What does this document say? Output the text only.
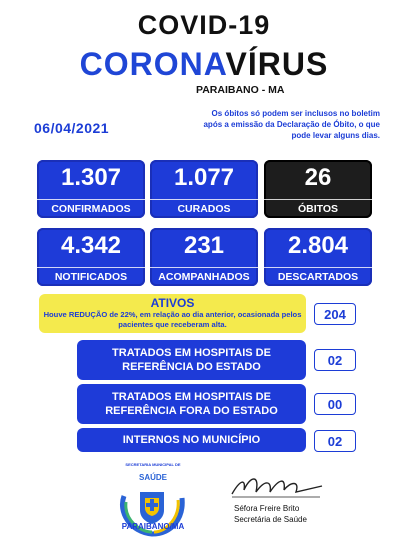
COVID-19
CORONAVÍRUS
PARAIBANO - MA
06/04/2021
Os óbitos só podem ser inclusos no boletim após a emissão da Declaração de Óbito, o que pode levar alguns dias.
1.307
CONFIRMADOS
1.077
CURADOS
26
ÓBITOS
4.342
NOTIFICADOS
231
ACOMPANHADOS
2.804
DESCARTADOS
ATIVOS
Houve REDUÇÃO de 22%, em relação ao dia anterior, ocasionada pelos pacientes que receberam alta.
204
TRATADOS EM HOSPITAIS DE REFERÊNCIA DO ESTADO	02
TRATADOS EM HOSPITAIS DE REFERÊNCIA FORA DO ESTADO	00
INTERNOS NO MUNICÍPIO	02
SECRETARIA MUNICIPAL DE
SAÚDE
PARAIBANO/MA
Séfora Freire Brito
Secretária de Saúde
